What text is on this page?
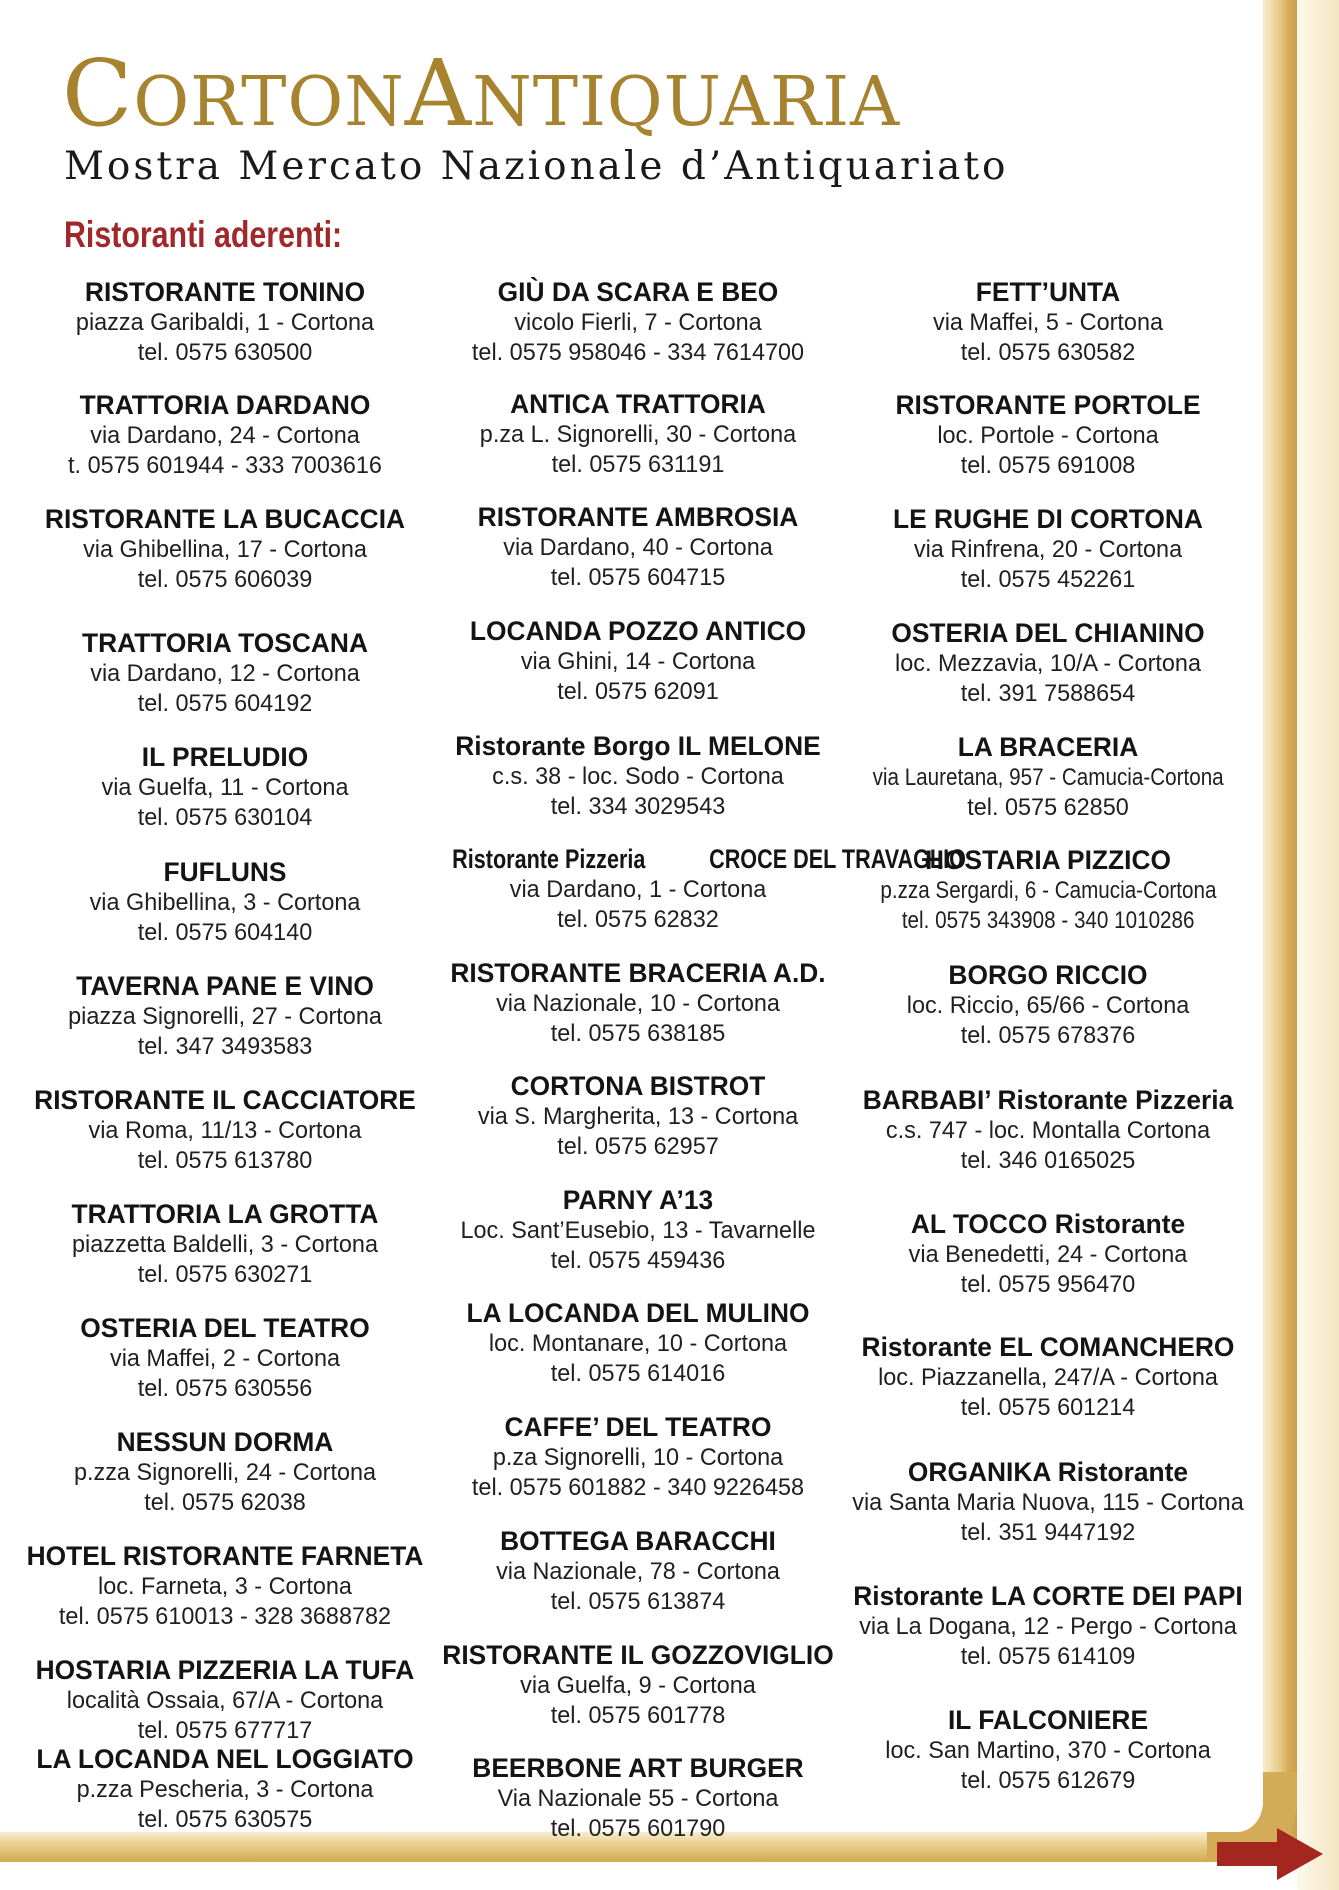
CORTONANTIQUARIA
Mostra Mercato Nazionale d’Antiquariato
Ristoranti aderenti:
RISTORANTE TONINO
piazza Garibaldi, 1 - Cortona
tel. 0575 630500
TRATTORIA DARDANO
via Dardano, 24 - Cortona
t. 0575 601944 - 333 7003616
RISTORANTE LA BUCACCIA
via Ghibellina, 17 - Cortona
tel. 0575 606039
TRATTORIA TOSCANA
via Dardano, 12 - Cortona
tel. 0575 604192
IL PRELUDIO
via Guelfa, 11 - Cortona
tel. 0575 630104
FUFLUNS
via Ghibellina, 3 - Cortona
tel. 0575 604140
TAVERNA PANE E VINO
piazza Signorelli, 27 - Cortona
tel. 347 3493583
RISTORANTE IL CACCIATORE
via Roma, 11/13 - Cortona
tel. 0575 613780
TRATTORIA LA GROTTA
piazzetta Baldelli, 3 - Cortona
tel. 0575 630271
OSTERIA DEL TEATRO
via Maffei, 2 - Cortona
tel. 0575 630556
NESSUN DORMA
p.zza Signorelli, 24 - Cortona
tel. 0575 62038
HOTEL RISTORANTE FARNETA
loc. Farneta, 3 - Cortona
tel. 0575 610013 - 328 3688782
HOSTARIA PIZZERIA LA TUFA
località Ossaia, 67/A - Cortona
tel. 0575 677717
LA LOCANDA NEL LOGGIATO
p.zza Pescheria, 3 - Cortona
tel. 0575 630575
GIÙ DA SCARA E BEO
vicolo Fierli, 7 - Cortona
tel. 0575 958046 - 334 7614700
ANTICA TRATTORIA
p.za L. Signorelli, 30 - Cortona
tel. 0575 631191
RISTORANTE AMBROSIA
via Dardano, 40 - Cortona
tel. 0575 604715
LOCANDA POZZO ANTICO
via Ghini, 14 - Cortona
tel. 0575 62091
Ristorante Borgo IL MELONE
c.s. 38 - loc. Sodo - Cortona
tel. 334 3029543
Ristorante Pizzeria CROCE DEL TRAVAGLIO
via Dardano, 1 - Cortona
tel. 0575 62832
RISTORANTE BRACERIA A.D.
via Nazionale, 10 - Cortona
tel. 0575 638185
CORTONA BISTROT
via S. Margherita, 13 - Cortona
tel. 0575 62957
PARNY A’13
Loc. Sant’Eusebio, 13 - Tavarnelle
tel. 0575 459436
LA LOCANDA DEL MULINO
loc. Montanare, 10 - Cortona
tel. 0575 614016
CAFFE’ DEL TEATRO
p.za Signorelli, 10 - Cortona
tel. 0575 601882 - 340 9226458
BOTTEGA BARACCHI
via Nazionale, 78 - Cortona
tel. 0575 613874
RISTORANTE IL GOZZOVIGLIO
via Guelfa, 9 - Cortona
tel. 0575 601778
BEERBONE ART BURGER
Via Nazionale 55 - Cortona
tel. 0575 601790
FETT’UNTA
via Maffei, 5 - Cortona
tel. 0575 630582
RISTORANTE PORTOLE
loc. Portole - Cortona
tel. 0575 691008
LE RUGHE DI CORTONA
via Rinfrena, 20 - Cortona
tel. 0575 452261
OSTERIA DEL CHIANINO
loc. Mezzavia, 10/A - Cortona
tel. 391 7588654
LA BRACERIA
via Lauretana, 957 - Camucia-Cortona
tel. 0575 62850
HOSTARIA PIZZICO
p.zza Sergardi, 6 - Camucia-Cortona
tel. 0575 343908 - 340 1010286
BORGO RICCIO
loc. Riccio, 65/66 - Cortona
tel. 0575 678376
BARBABI’ Ristorante Pizzeria
c.s. 747 - loc. Montalla Cortona
tel. 346 0165025
AL TOCCO Ristorante
via Benedetti, 24 - Cortona
tel. 0575 956470
Ristorante EL COMANCHERO
loc. Piazzanella, 247/A - Cortona
tel. 0575 601214
ORGANIKA Ristorante
via Santa Maria Nuova, 115 - Cortona
tel. 351 9447192
Ristorante LA CORTE DEI PAPI
via La Dogana, 12 - Pergo - Cortona
tel. 0575 614109
IL FALCONIERE
loc. San Martino, 370 - Cortona
tel. 0575 612679
